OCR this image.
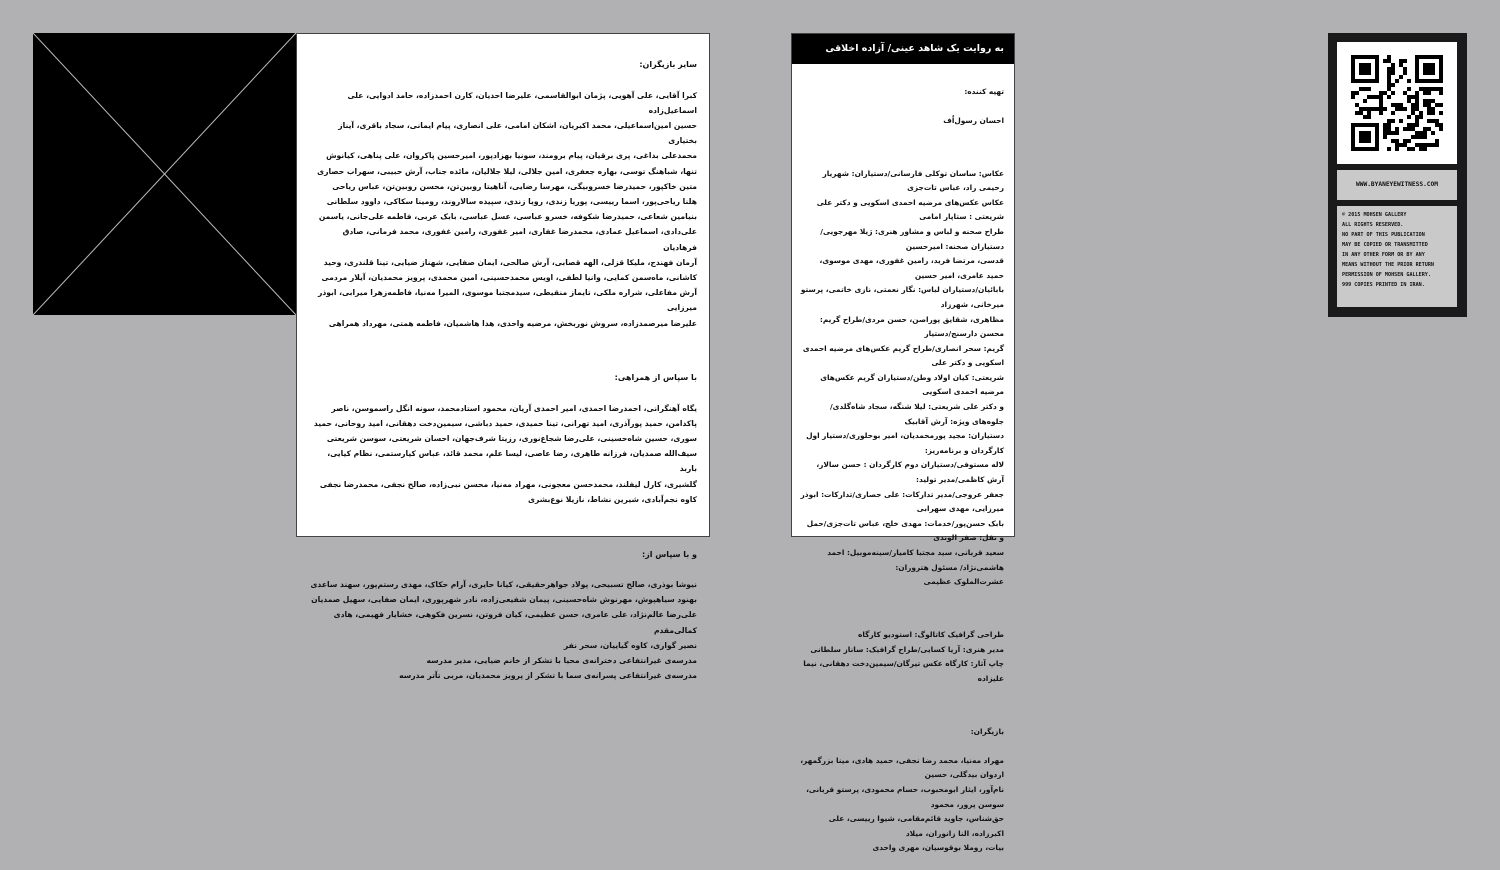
سایر بازیگران:

کبرا آقایی، علی آهویی، پژمان ابوالقاسمی، علیرضا احدیان، کارن احمدزاده، حامد ادوایی، علی اسماعیل‌زاده
حسین امین‌اسماعیلی، محمد اکبریان، اشکان امامی، علی انصاری، پیام ایمانی، سجاد باقری، آیناز بختیاری
محمدعلی بداغی، پری برقیان، پیام برومند، سونیا بهزادپور، امیرحسین پاکروان، علی پناهی، کیانوش
تنها، شباهنگ توسی، بهاره جعفری، امین جلالی، لیلا جلالیان، مائده جناب، آرش حبیبی، سهراب حصاری
متین خاکپور، حمیدرضا خسروبیگی، مهرسا رضایی، آناهیتا روبین‌تن، محسن روبین‌تن، عباس ریاحی
هلنا ریاحی‌پور، اسما رییسی، پوریا زندی، رویا زندی، سپیده سالاروند، رومینا سکاکی، داوود سلطانی
بنیامین شعاعی، حمیدرضا شکوفه، خسرو عباسی، عسل عباسی، بابک عربی، فاطمه علی‌جانی، یاسمن
علی‌دادی، اسماعیل عمادی، محمدرضا غفاری، امیر غفوری، رامین غفوری، محمد فرمانی، صادق فرهادیان
آرمان فهندج، ملیکا قزلی، الهه قصابی، آرش صالحی، ایمان صفایی، شهناز ضیایی، تینا قلندری، وحید
کاشانی، ماه‌سمن کمایی، وانیا لطفی، اویس محمدحسینی، امین محمدی، پرویز محمدیان، آیلار مردمی
آرش مفاعلی، شراره ملکی، تایماز منقیطی، سیدمجتبا موسوی، المیرا مه‌نیا، فاطمه‌زهرا میرابی، ابوذر میرزایی
علیرضا میرصمدزاده، سروش نوربخش، مرضیه واحدی، هدا هاشمیان، فاطمه همتی، مهرداد همراهی

با سپاس از همراهی:

یگاه آهنگرانی، احمدرضا احمدی، امیر احمدی آریان، محمود استادمحمد، سونه انگل راسموسن، ناصر
پاکدامن، حمید پورآذری، امید تهرانی، تینا حمیدی، حمید دباشی، سیمین‌دخت دهقانی، امید روحانی، حمید
سوری، حسین شاه‌حسینی، علی‌رضا شجاع‌نوری، رزیتا شرف‌جهان، احسان شریعتی، سوسن شریعتی
سیف‌الله صمدیان، فرزانه طاهری، رضا عاصی، لیسا علم، محمد قائد، عباس کیارستمی، نظام کیایی، باربد
گلشیری، کارل لیفلند، محمدحسن معجونی، مهراد مه‌نیا، محسن نبی‌زاده، صالح نجفی، محمدرضا نجفی
کاوه نجم‌آبادی، شیرین نشاط، نازیلا نوع‌بشری

و با سپاس از:

نیوشا بوذری، صالح تسبیحی، پولاد جواهرحقیقی، کیانا حایری، آرام حکاک، مهدی رستم‌پور، سهند ساعدی
بهنود سیاهپوش، مهرنوش شاه‌حسینی، پیمان شفیعی‌زاده، نادر شهرپوری، ایمان صفایی، سهیل صمدیان
علی‌رضا عالم‌نژاد، علی عامری، حسن عظیمی، کیان فروتن، نسرین فکوهی، خشایار فهیمی، هادی کمالی‌مقدم
نصیر گواری، کاوه گیاییان، سحر نفر
مدرسه‌ی غیرانتفاعی دخترانه‌ی محیا با تشکر از خانم ضیایی، مدیر مدرسه
مدرسه‌ی غیرانتفاعی پسرانه‌ی سما با تشکر از پرویز محمدیان، مربی تآتر مدرسه

به روایت یک شاهد عینی/ آزاده اخلاقی

تهیه کننده:

احسان رسول‌اُف

عکاس: ساسان توکلی فارسانی/دستیاران: شهریار رحیمی راد، عباس تات‌جزی
عکاس عکس‌های مرضیه احمدی اسکویی و دکتر علی شریعتی : ستاپار امامی
طراح صحنه و لباس و مشاور هنری: ژیلا مهرجویی/دستیاران صحنه: امیرحسین
قدسی، مرتضا فرید، رامین غفوری، مهدی موسوی، حمید عامری، امیر حسین
بابائیان/دستیاران لباس: نگار نعمتی، نازی خاتمی، پرستو میرخانی، شهرزاد
مظاهری، شقایق پوراصن، حسن مردی/طراح گریم: محسن دارسنج/دستیار
گریم: سحر انصاری/طراح گریم عکس‌های مرضیه احمدی اسکویی و دکتر علی
شریعتی: کیان اولاد وطن/دستیاران گریم عکس‌های مرضیه احمدی اسکویی
و دکتر علی شریعتی: لیلا شنگه، سجاد شاه‌گلدی/جلوه‌های ویژه: آرش آقابیک
دستیاران: مجید پورمحمدیان، امیر بوحلوری/دستیار اول کارگردان و برنامه‌ریز:
لاله مستوفی/دستیاران دوم کارگردان : حسن سالار، آرش کاظمی/مدیر تولید:
جعفر عروجی/مدیر تدارکات: علی حصاری/تدارکات: ابوذر میرزایی، مهدی سهرابی
بابک حسن‌پور/خدمات: مهدی خلج، عباس تات‌جزی/حمل و نقل: صفر الوندی
سعید قربانی، سید مجتبا کامیار/سینه‌موبیل: احمد هاشمی‌نژاد/ مسئول هتروران:
عشرت‌الملوک عظیمی

طراحی گرافیک کاتالوگ: استودیو کارگاه
مدیر هنری: آریا کسایی/طراح گرافیک: ساناز سلطانی
چاپ آثار: کارگاه عکس تیرگان/سیمین‌دخت دهقانی، نیما علیزاده

بازیگران:

مهراد مه‌نیا، محمد رضا نجفی، حمید هادی، مینا بزرگمهر، اردوان بیدگلی، حسین
نام‌آور، ایثار ابومحبوب، حسام محمودی، پرستو قربانی، سوسن پرور، محمود
حق‌شناس، جاوید قائم‌مقامی، شیوا رییسی، علی اکبرزاده، النا زانوران، میلاد
بیات، روملا بوقوسیان، مهری واحدی

WWW.BYANEYEWITNESS.COM
© 2015 MOHSEN GALLERY
ALL RIGHTS RESERVED.
NO PART OF THIS PUBLICATION
MAY BE COPIED OR TRANSMITTED
IN ANY OTHER FORM OR BY ANY
MEANS WITHOUT THE PRIOR RETURN
PERMISSION OF MOHSEN GALLERY.
999 COPIES PRINTED IN IRAN.
